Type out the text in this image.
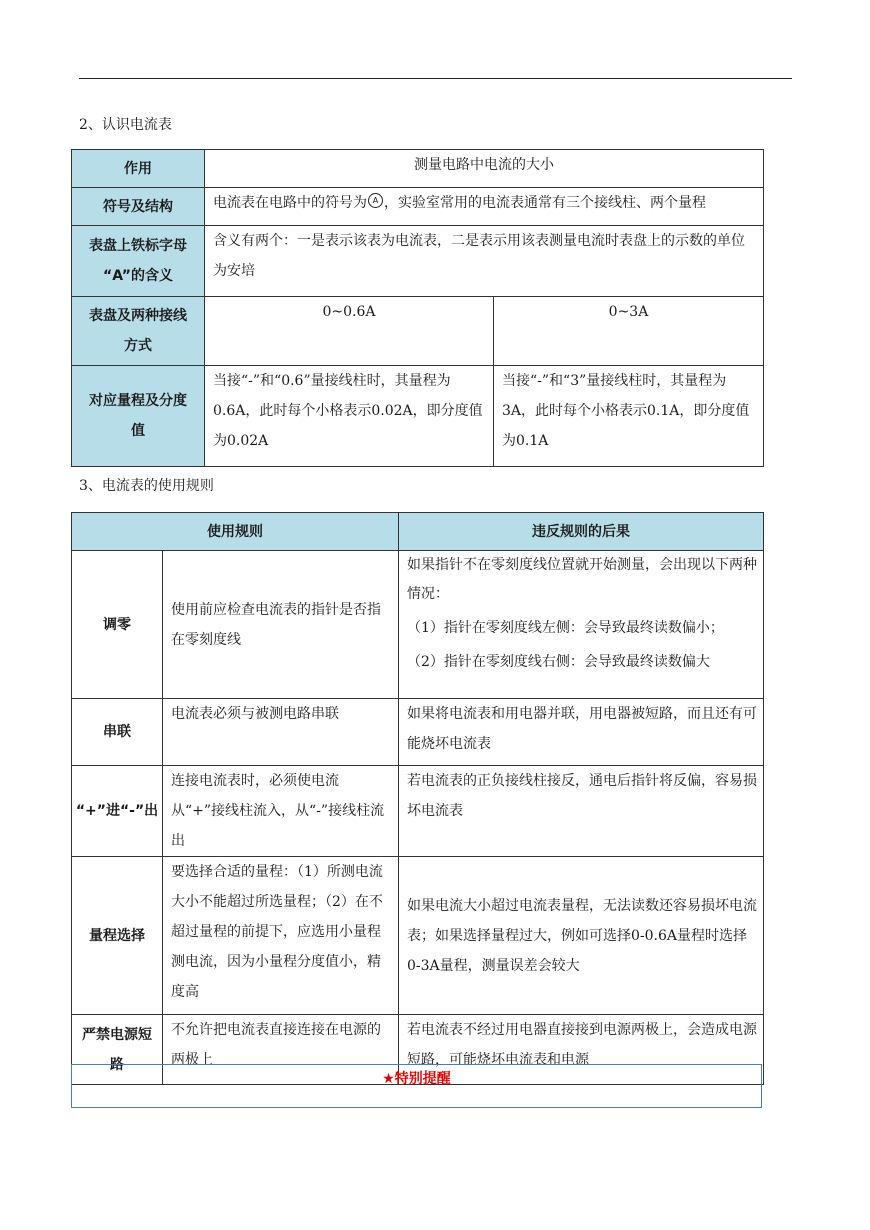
2、认识电流表
作用	测量电路中电流的大小	
符号及结构	电流表在电路中的符号为 A ，实验室常用的电流表通常有三个接线柱、两个量程	
表盘上铁标字母
“A”的含义	含义有两个：一是表示该表为电流表，二是表示用该表测量电流时表盘上的示数的单位为安培	
表盘及两种接线
方式	0~0.6A	0~3A
对应量程及分度
值	当接“-”和“0.6”量接线柱时，其量程为0.6A，此时每个小格表示0.02A，即分度值为0.02A	当接“-”和“3”量接线柱时，其量程为3A，此时每个小格表示0.1A，即分度值为0.1A
3、电流表的使用规则
使用规则		违反规则的后果
调零	使用前应检查电流表的指针是否指在零刻度线	如果指针不在零刻度线位置就开始测量，会出现以下两种情况：
（1）指针在零刻度线左侧：会导致最终读数偏小；
（2）指针在零刻度线右侧：会导致最终读数偏大

串联	电流表必须与被测电路串联	如果将电流表和用电器并联，用电器被短路，而且还有可能烧坏电流表
“+”进“-”出	连接电流表时，必须使电流从“+”接线柱流入，从“-”接线柱流出	若电流表的正负接线柱接反，通电后指针将反偏，容易损坏电流表
量程选择	要选择合适的量程：（1）所测电流大小不能超过所选量程；（2）在不超过量程的前提下，应选用小量程测电流，因为小量程分度值小，精度高	如果电流大小超过电流表量程，无法读数还容易损坏电流表；如果选择量程过大，例如可选择0-0.6A量程时选择0-3A量程，测量误差会较大
严禁电源短路	不允许把电流表直接连接在电源的两极上	若电流表不经过用电器直接接到电源两极上，会造成电源短路，可能烧坏电流表和电源
★特别提醒
